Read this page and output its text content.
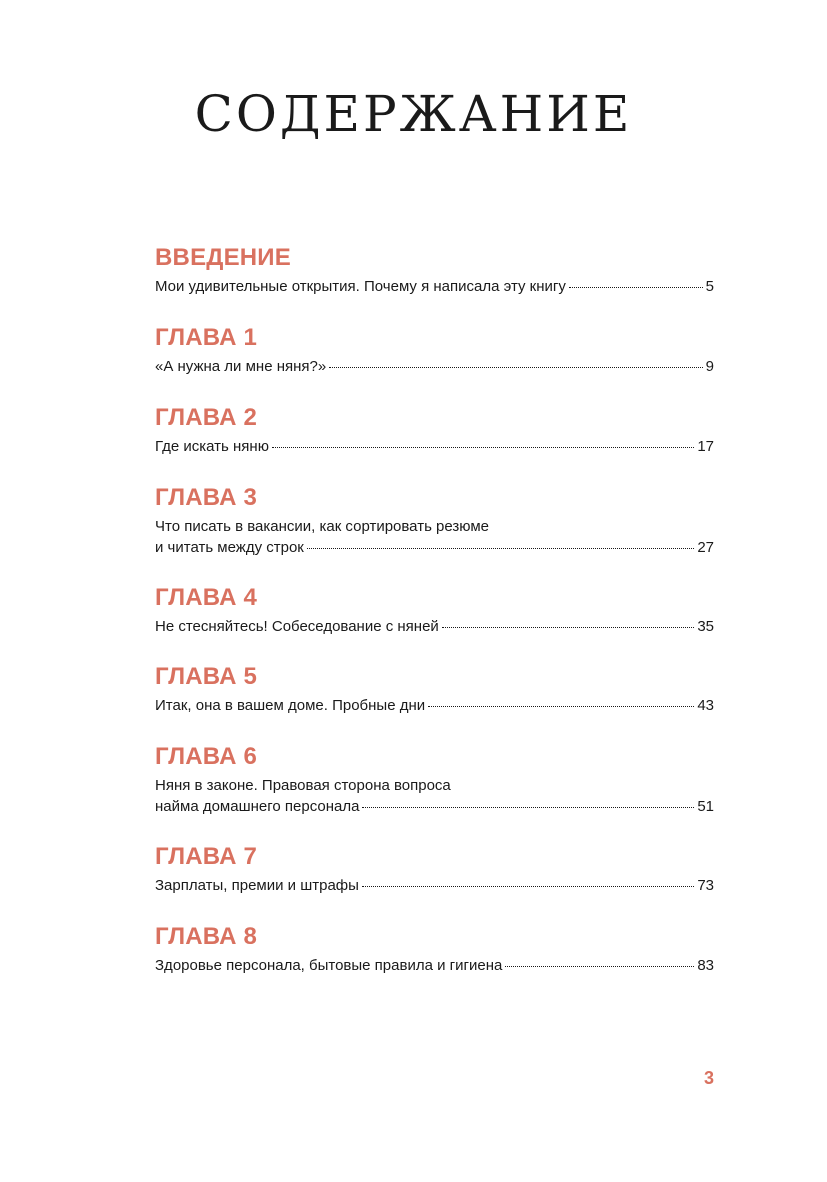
СОДЕРЖАНИЕ
ВВЕДЕНИЕ
Мои удивительные открытия. Почему я написала эту книгу	5
ГЛАВА 1
«А нужна ли мне няня?»	9
ГЛАВА 2
Где искать няню	17
ГЛАВА 3
Что писать в вакансии, как сортировать резюме
и читать между строк	27
ГЛАВА 4
Не стесняйтесь! Собеседование с няней	35
ГЛАВА 5
Итак, она в вашем доме. Пробные дни	43
ГЛАВА 6
Няня в законе. Правовая сторона вопроса
найма домашнего персонала	51
ГЛАВА 7
Зарплаты, премии и штрафы	73
ГЛАВА 8
Здоровье персонала, бытовые правила и гигиена	83
3
